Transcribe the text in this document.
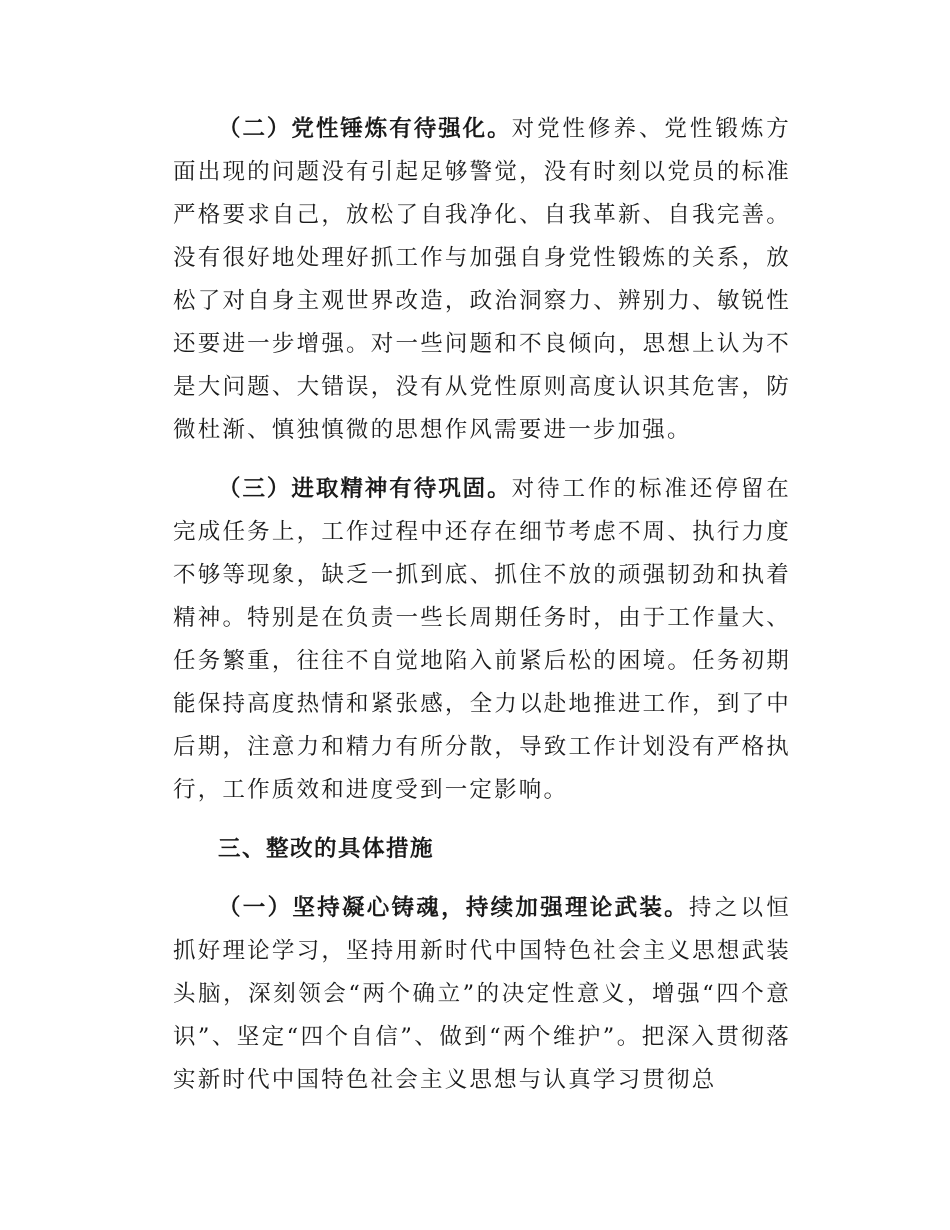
（二）党性锤炼有待强化。对党性修养、党性锻炼方面出现的问题没有引起足够警觉，没有时刻以党员的标准严格要求自己，放松了自我净化、自我革新、自我完善。没有很好地处理好抓工作与加强自身党性锻炼的关系，放松了对自身主观世界改造，政治洞察力、辨别力、敏锐性还要进一步增强。对一些问题和不良倾向，思想上认为不是大问题、大错误，没有从党性原则高度认识其危害，防微杜渐、慎独慎微的思想作风需要进一步加强。

（三）进取精神有待巩固。对待工作的标准还停留在完成任务上，工作过程中还存在细节考虑不周、执行力度不够等现象，缺乏一抓到底、抓住不放的顽强韧劲和执着精神。特别是在负责一些长周期任务时，由于工作量大、任务繁重，往往不自觉地陷入前紧后松的困境。任务初期能保持高度热情和紧张感，全力以赴地推进工作，到了中后期，注意力和精力有所分散，导致工作计划没有严格执行，工作质效和进度受到一定影响。

三、整改的具体措施

（一）坚持凝心铸魂，持续加强理论武装。持之以恒抓好理论学习，坚持用新时代中国特色社会主义思想武装头脑，深刻领会“两个确立”的决定性意义，增强“四个意识”、坚定“四个自信”、做到“两个维护”。把深入贯彻落实新时代中国特色社会主义思想与认真学习贯彻总
